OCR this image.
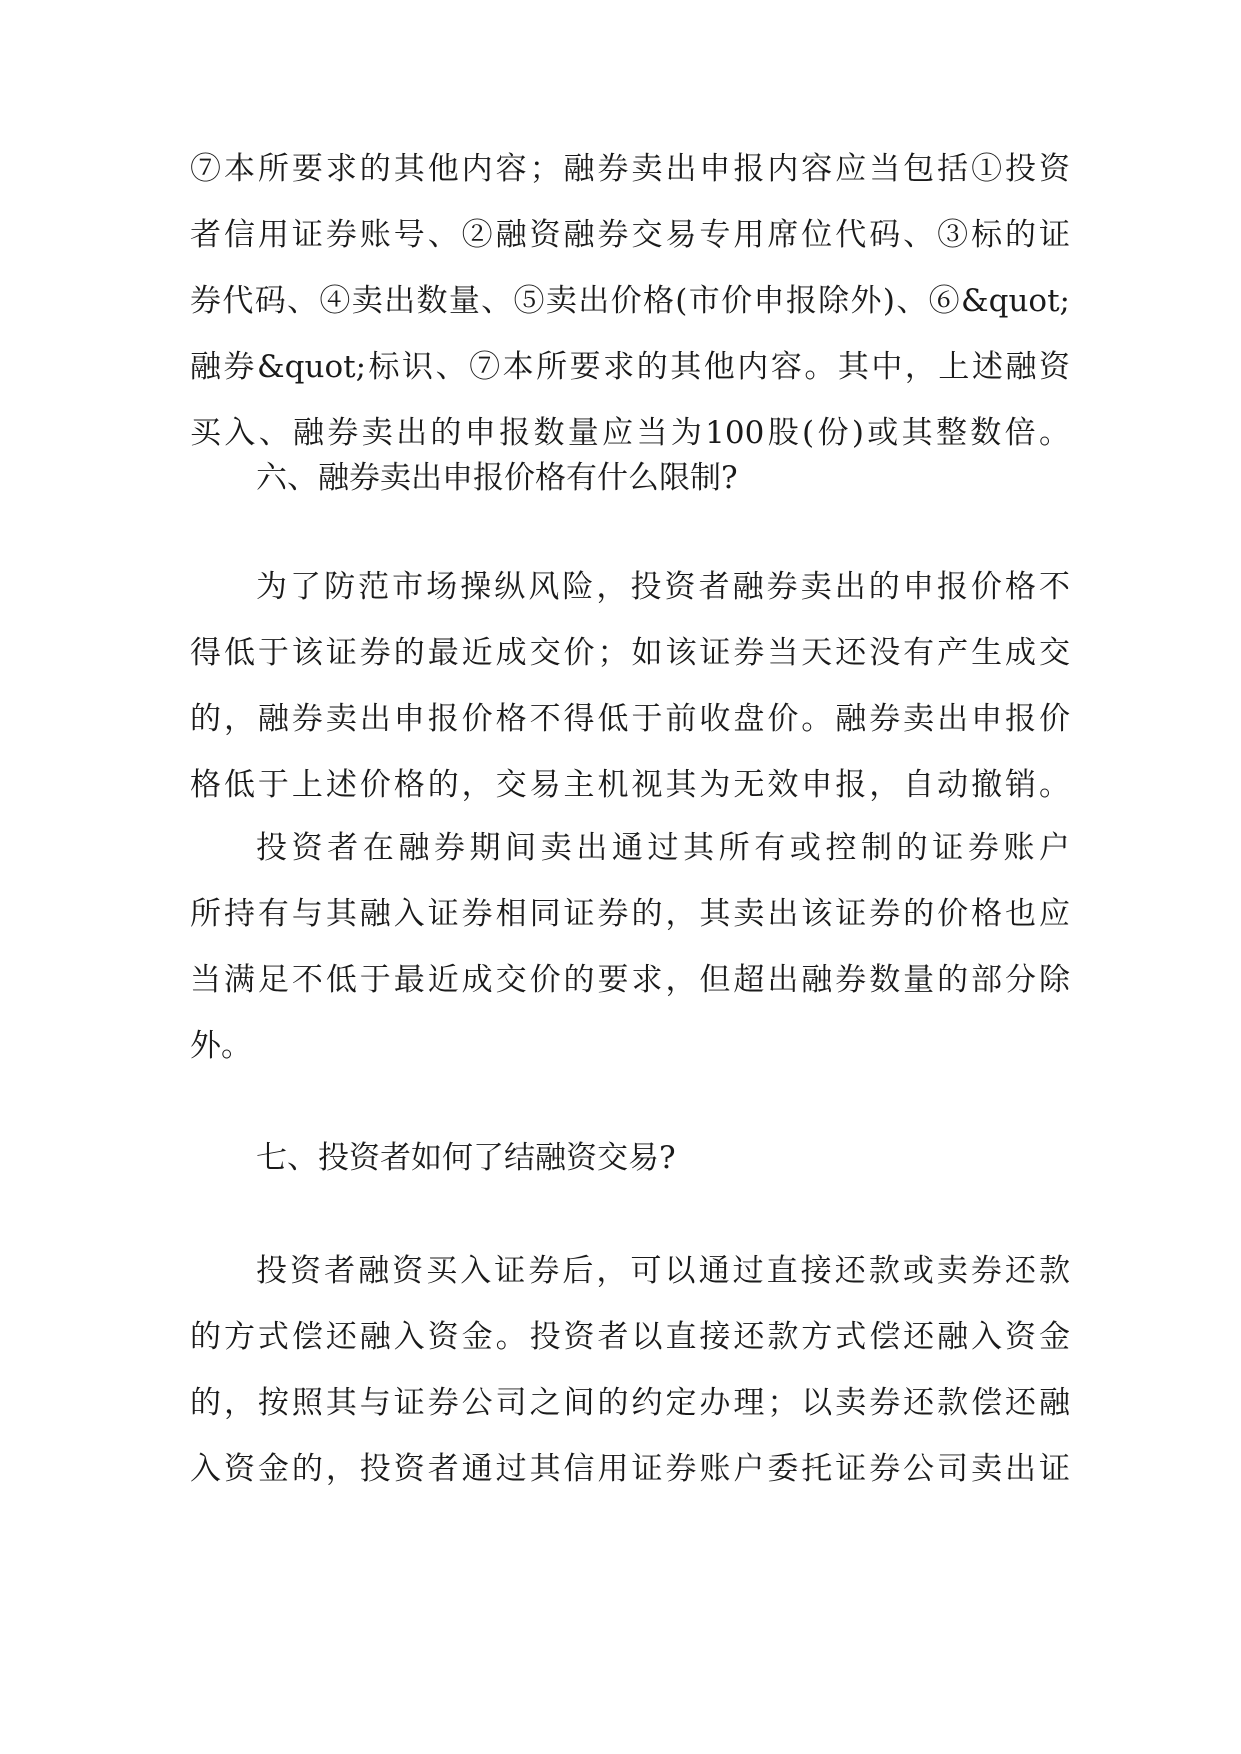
⑦本所要求的其他内容；融券卖出申报内容应当包括①投资
者信用证券账号、②融资融券交易专用席位代码、③标的证
券代码、④卖出数量、⑤卖出价格(市价申报除外)、⑥&quot;
融券&quot;标识、⑦本所要求的其他内容。其中，上述融资
买入、融券卖出的申报数量应当为100股(份)或其整数倍。
六、融券卖出申报价格有什么限制?
为了防范市场操纵风险，投资者融券卖出的申报价格不
得低于该证券的最近成交价；如该证券当天还没有产生成交
的，融券卖出申报价格不得低于前收盘价。融券卖出申报价
格低于上述价格的，交易主机视其为无效申报，自动撤销。
投资者在融券期间卖出通过其所有或控制的证券账户
所持有与其融入证券相同证券的，其卖出该证券的价格也应
当满足不低于最近成交价的要求，但超出融券数量的部分除
外。
七、投资者如何了结融资交易?
投资者融资买入证券后，可以通过直接还款或卖券还款
的方式偿还融入资金。投资者以直接还款方式偿还融入资金
的，按照其与证券公司之间的约定办理；以卖券还款偿还融
入资金的，投资者通过其信用证券账户委托证券公司卖出证
